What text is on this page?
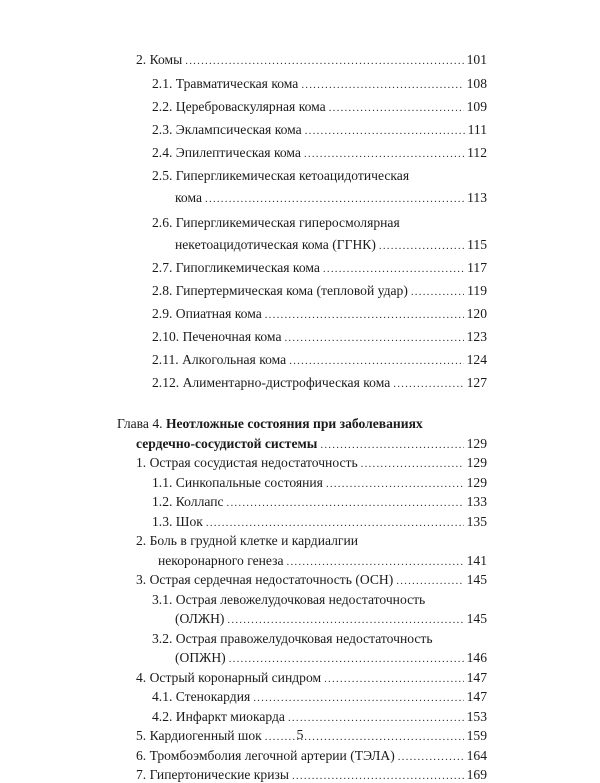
2. Комы .....	101
2.1. Травматическая кома .....	108
2.2. Цереброваскулярная кома .....	109
2.3. Эклампсическая кома .....	111
2.4. Эпилептическая кома .....	112
2.5. Гипергликемическая кетоацидотическая
кома .....	113
2.6. Гипергликемическая гиперосмолярная
некетоацидотическая кома (ГГНК) .....	115
2.7. Гипогликемическая кома .....	117
2.8. Гипертермическая кома (тепловой удар) .....	119
2.9. Опиатная кома .....	120
2.10. Печеночная кома .....	123
2.11. Алкогольная кома .....	124
2.12. Алиментарно-дистрофическая кома .....	127
Глава 4. Неотложные состояния при заболеваниях
сердечно-сосудистой системы .....	129
1. Острая сосудистая недостаточность .....	129
1.1. Синкопальные состояния .....	129
1.2. Коллапс .....	133
1.3. Шок .....	135
2. Боль в грудной клетке и кардиалгии
некоронарного генеза .....	141
3. Острая сердечная недостаточность (ОСН) .....	145
3.1. Острая левожелудочковая недостаточность
(ОЛЖН) .....	145
3.2. Острая правожелудочковая недостаточность
(ОПЖН) .....	146
4. Острый коронарный синдром .....	147
4.1. Стенокардия .....	147
4.2. Инфаркт миокарда .....	153
5. Кардиогенный шок .....	159
6. Тромбоэмболия легочной артерии (ТЭЛА) .....	164
7. Гипертонические кризы .....	169
5
